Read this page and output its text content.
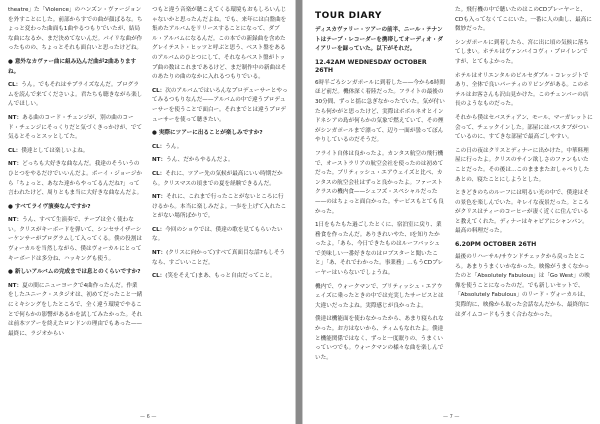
theatre」た「Violence」のハンズン・ヴァージョンを外すことにした。前部からすでの曲が顔ばるな。ちょっと変わった曲面も1曲やるつもりでいたが、結局な曲になるか、まだ決めてないんだ。パイリな曲が作ったものの、ちょっとそれも面白いと思ったけどね。

● 意外なカヴァー曲に組み込んだ曲が2曲ありますね。

CL：うん。でもそれはサプライズなんだ。プログラムを読んで来てくださいよ。君たちも聴きながら楽しんでほしい。

NT：ある曲のコード・チェンジが、別の曲のコード・チェンジにそっくりだと気づくきっかけが、でて気るとそっとスッとしてた。

CL：僕達としては楽しいよね。

NT：どっちも大好きな曲なんだ。我達のそういうのひとつをやるだけでいいんだよ。ボーイ・ジョージから「ちょっと、あなた達からやってるんだね?」って言われたけど、周りともま当に大好きな曲なんだよ。

● すべてライヴ演奏なんですか?

NT：うん、すべて生演奏で、テープは全く使わない。クリスがキーボードを弾いて、シンセサイザーシーケンサーがプログラムして入ってくる。僕の役割はヴォーカルを当然しながら、僕はヴォーカルにとってキーボードは多分ね、ハッキングも使う。

● 新しいアルバムの完成までは息とのくらいですか?

NT：夏の間にニューヨークで4曲作ったんだ。作業をしたユニーク・スタジオは、初めてだったこと一緒にミキシングをしたところで、全く違う環境でやることで何らかの影響があるかを試してみたかった。それは前本ツアーを終えたロンドンの理由でもあった——最終に、ラジオからい

つもと違う音楽が聴こえてくる環境もおもしろいんじゃないかと思ったんだよね。でも、来年には白盤曲を集めたアルバムをリリースすることになって、ダブル・アルバムになるんだ。この本での新録曲を含めたグレイテスト・ヒッツと呼ぶと思う、ベスト盤をあるのアルバムのひとつにして、それならベスト盤がトップ曲の数はこれまであるけど、まだ制作中の新曲はそのあたりの曲のなかに入れるつもりでいる。

CL：次のアルバムではいろんなプロデューサーとやってみるつもりなんだ——アルバムの中で違うプロデューサーを使うことで面白ー。それまでとは違うプロデューサーを使って聴きたい。

● 実際にツアーに出ることが楽しみですか?

CL：うん。

NT：うん、だからやるんだよ。

CL：それに、ツアー先の気候が最高にいい時期だから。クリスマスの頃までの夏を経験できるんだ。

NT：それに、これまで行ったことがないところに行けるから。本当に楽しみだよ。一歩を上げて入れたことがない場所ばかりで。

CL：今回のショウでは、僕達の歌を見てもらいたいな。

NT：(クリスに向かって)すべて真面目な話?もしそうなら、すごいいことだ。

CL：(笑をそえて)まあ、もっと自由だってこと。

— 6 —
TOUR DIARY

ディスカヴァリー・ツアーの前半、ニール・テナントはテープ・レコーダーを携帯してオーディオ・ダイアリーを録っていた。以下がそれだ。

12.42AM WEDNESDAY OCTOBER 26TH

6時半ごろシンガポールに到着した——今から6時間ほど前だ。機体深く着陸だった。フライトの最後の30分間、ずっと揺に急ぎなかったでいた。気が付いたら何かがと思ったけど、実際はボボルネオとインドネシアの島が何らかの気象で燃えていて、その煙がシンガポールまで漂って、辺り一面が曇ってぼんやりしているのだそうだ。

フライト自体は良かったよ。カンタス航空の飛行機で、オーストラリアの航空会社を使ったのは初めてだった。ブリティッシュ・エアウェイズと比べ、カンタスの航空会社はずっと良かったよ。ファーストクラスの機内食——シェフズ・スペシャルだった——のはちょっと面白かった。サービスもとても良かった。

1日をもたもた過ごしたとくに、宿泊室に戻り、業務食を作ったんだ。ありきれいやた、Iを知りたかったよ。「あら、今日できたものはルーフバッシュで美味しい一番好きなのはロブスターと聞いたこと」「あ、それでわかった。事業務」…もうCDプレーヤーはいらないでしょうね。

機内で、ウォークマンで、ブリティッシュ・エアウェイズに乗ったときの中では充実したサービスとは大違いだったよね。実際感じが良かったよ。

僕達は機能面を使わなかったから、あまり寝られなかった。お方はないから、ティムもなれたよ。僕達と機能関係ではなく、ずっと一度眠りの、うまくいっていつでも。ウォークマンの様々な曲を楽しんでいた。

た。飛行機の中で聴いたのはこのCDプレーヤーと、CDも入ってなくてこにいた。一番に人の曲し、最高に微妙だった。

シンガポールに到着したら、宮に出に頃の気候に落ちてしまい。ホテルはヴァンバイコヴィ・プロイレンですが、とてもよかった。

ホテルはオリエンタルのビルセダブル・コレッジトであり、全体で良いパーティのリビングがある。このホテルはお客さんも沢山見かけた。このチェンバーの店長のようなものだった。

それから僕はセバスティアン、モール、マーガレットに会って、チェックインした。部屋にはバスタブがついているのに、すてきな部屋で最高ごしやすい。

この日の夜はクリスとディナーに出かけた。中華料理屋に行ったよ。クリスのサイン欲しさのファンもいたことだった。その後は…このまままたおしゃべりしたあとの、寝たことにしようとした。

ときどきのちのルーフには明るい光の中で、僕達はその景色を楽しんでいた。キレイな夜景だった。ところがクリスはティーのコーヒーが凄く近くに住んでいると教えてくれた。ディナーはキャビアにシャンパン。最高の料理だった。

6.20PM OCTOBER 26TH

最後のリハーサル/サウンドチェックから戻ったところ。あまりうまくいかなかった。映像がうまくなかったのと「Absolutely Fabulous」は「Go West」の映像を使うことになったのだ。でも新しいセットで、「Absolutely Fabulous」のリード・ヴォーカルは、実際的に、映像から取った会話なんだから、最終的にはダイムコードもうまく合わなかった。

— 7 —
